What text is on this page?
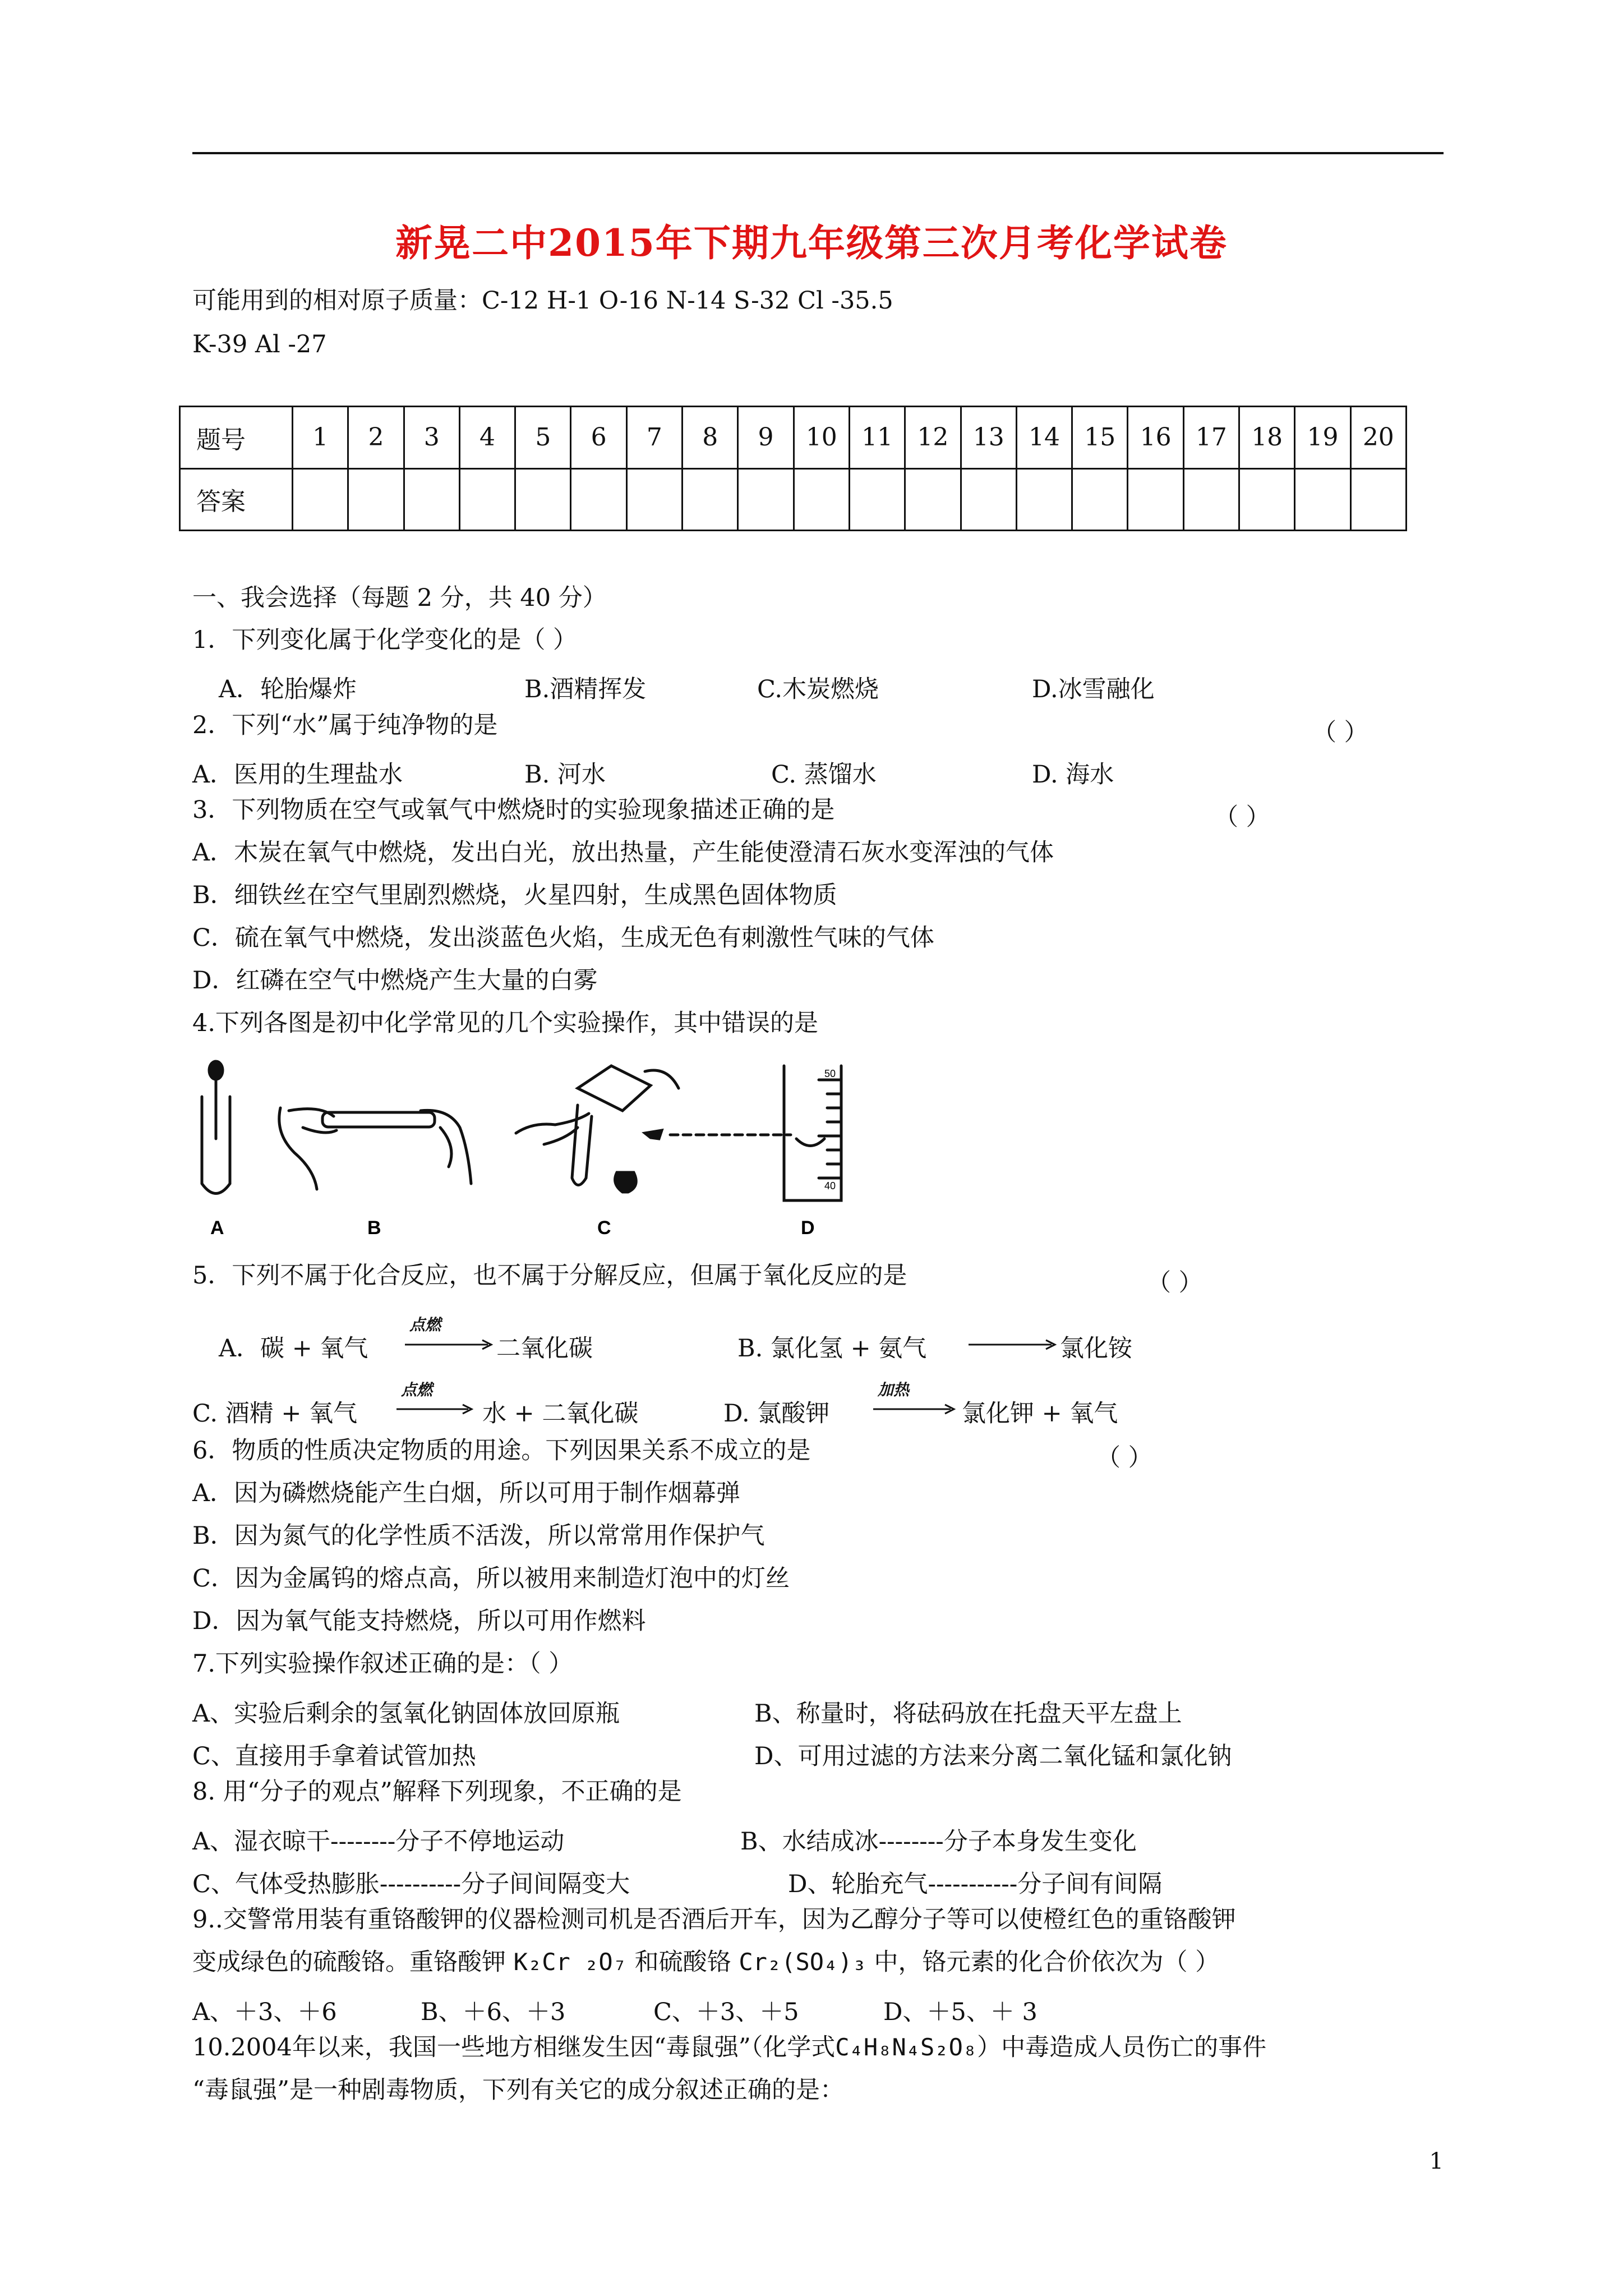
新晃二中2015年下期九年级第三次月考化学试卷
可能用到的相对原子质量：C-12 H-1 O-16 N-14 S-32 Cl -35.5
K-39 Al -27
题号	1	2	3	4	5	6	7	8	9	10	11	12	13	14	15	16	17	18	19	20
答案																				
一、我会选择（每题 2 分，共 40 分）
1．下列变化属于化学变化的是（ ）
A．轮胎爆炸	B.酒精挥发	C.木炭燃烧	D.冰雪融化
2．下列“水”属于纯净物的是	（ ）
A．医用的生理盐水	B. 河水	C. 蒸馏水	D. 海水
3．下列物质在空气或氧气中燃烧时的实验现象描述正确的是	（ ）
A．木炭在氧气中燃烧，发出白光，放出热量，产生能使澄清石灰水变浑浊的气体
B．细铁丝在空气里剧烈燃烧，火星四射，生成黑色固体物质
C．硫在氧气中燃烧，发出淡蓝色火焰，生成无色有刺激性气味的气体
D．红磷在空气中燃烧产生大量的白雾
4.下列各图是初中化学常见的几个实验操作，其中错误的是
50
40
A	B	C	D
5．下列不属于化合反应，也不属于分解反应，但属于氧化反应的是	（ ）
A．碳 + 氧气
点燃
二氧化碳	B. 氯化氢 + 氨气	氯化铵
C. 酒精 + 氧气
点燃
水 + 二氧化碳	D. 氯酸钾
加热
氯化钾 + 氧气
6．物质的性质决定物质的用途。下列因果关系不成立的是	（ ）
A．因为磷燃烧能产生白烟，所以可用于制作烟幕弹
B．因为氮气的化学性质不活泼，所以常常用作保护气
C．因为金属钨的熔点高，所以被用来制造灯泡中的灯丝
D．因为氧气能支持燃烧，所以可用作燃料
7.下列实验操作叙述正确的是：（ ）
A、实验后剩余的氢氧化钠固体放回原瓶	B、称量时，将砝码放在托盘天平左盘上
C、直接用手拿着试管加热	D、可用过滤的方法来分离二氧化锰和氯化钠
8. 用“分子的观点”解释下列现象，不正确的是
A、湿衣晾干--------分子不停地运动	B、水结成冰--------分子本身发生变化
C、气体受热膨胀----------分子间间隔变大	D、轮胎充气-----------分子间有间隔
9..交警常用装有重铬酸钾的仪器检测司机是否酒后开车，因为乙醇分子等可以使橙红色的重铬酸钾
变成绿色的硫酸铬。重铬酸钾 K₂Cr ₂O₇ 和硫酸铬 Cr₂(SO₄)₃ 中，铬元素的化合价依次为（ ）
A、＋3、＋6	B、＋6、＋3	C、＋3、＋5	D、＋5、＋ 3
10.2004年以来，我国一些地方相继发生因“毒鼠强”（化学式C₄H₈N₄S₂O₈）中毒造成人员伤亡的事件
“毒鼠强”是一种剧毒物质，下列有关它的成分叙述正确的是：
1
